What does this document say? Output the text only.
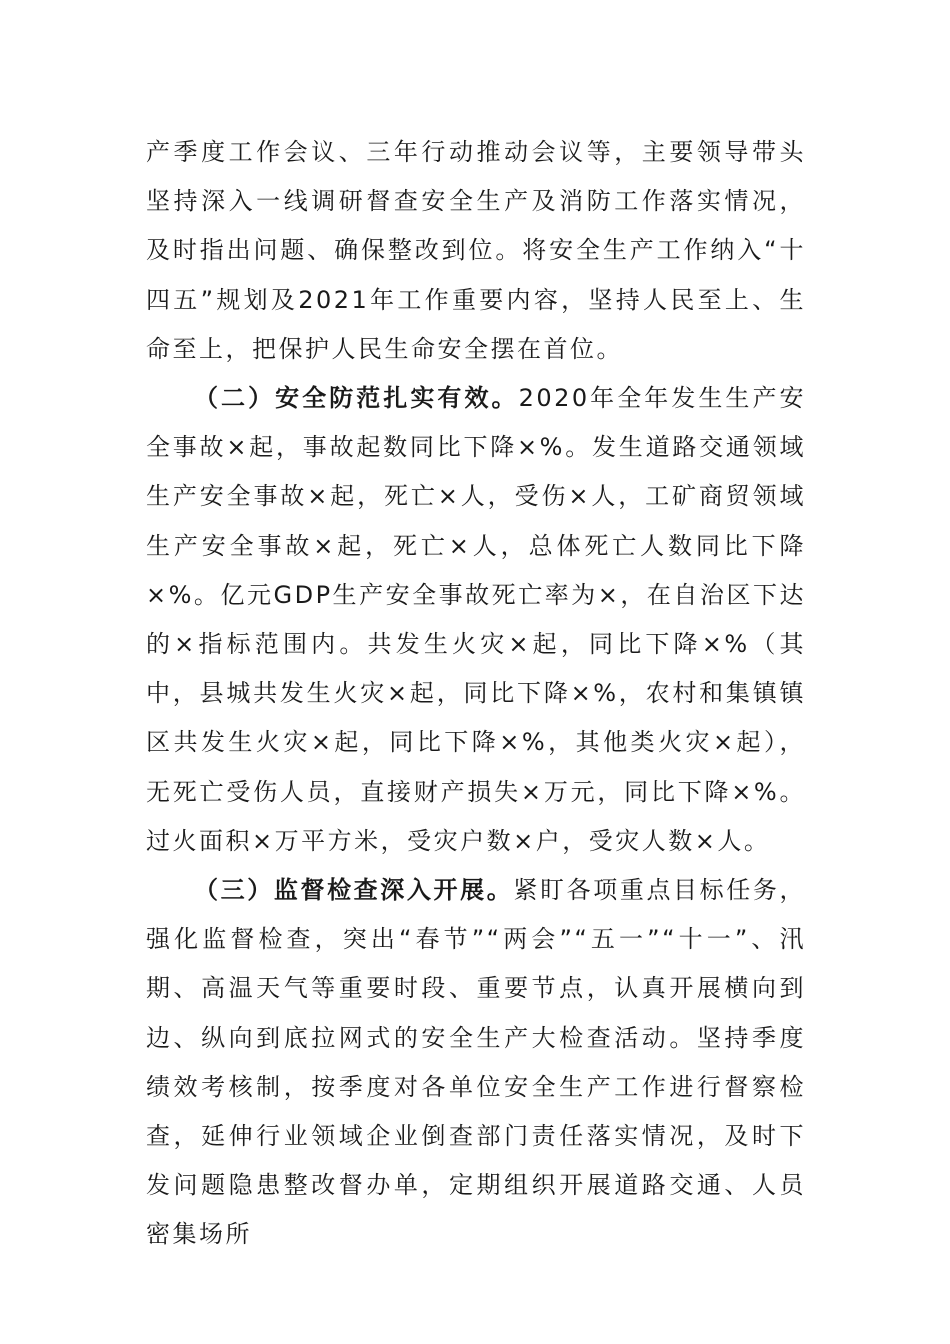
产季度工作会议、三年行动推动会议等，主要领导带头坚持深入一线调研督查安全生产及消防工作落实情况，及时指出问题、确保整改到位。将安全生产工作纳入“十四五”规划及2021年工作重要内容，坚持人民至上、生命至上，把保护人民生命安全摆在首位。

（二）安全防范扎实有效。2020年全年发生生产安全事故×起，事故起数同比下降×%。发生道路交通领域生产安全事故×起，死亡×人，受伤×人，工矿商贸领域生产安全事故×起，死亡×人，总体死亡人数同比下降×%。亿元GDP生产安全事故死亡率为×，在自治区下达的×指标范围内。共发生火灾×起，同比下降×%（其中，县城共发生火灾×起，同比下降×%，农村和集镇镇区共发生火灾×起，同比下降×%，其他类火灾×起），无死亡受伤人员，直接财产损失×万元，同比下降×%。过火面积×万平方米，受灾户数×户，受灾人数×人。

（三）监督检查深入开展。紧盯各项重点目标任务，强化监督检查，突出“春节”“两会”“五一”“十一”、汛期、高温天气等重要时段、重要节点，认真开展横向到边、纵向到底拉网式的安全生产大检查活动。坚持季度绩效考核制，按季度对各单位安全生产工作进行督察检查，延伸行业领域企业倒查部门责任落实情况，及时下发问题隐患整改督办单，定期组织开展道路交通、人员密集场所
